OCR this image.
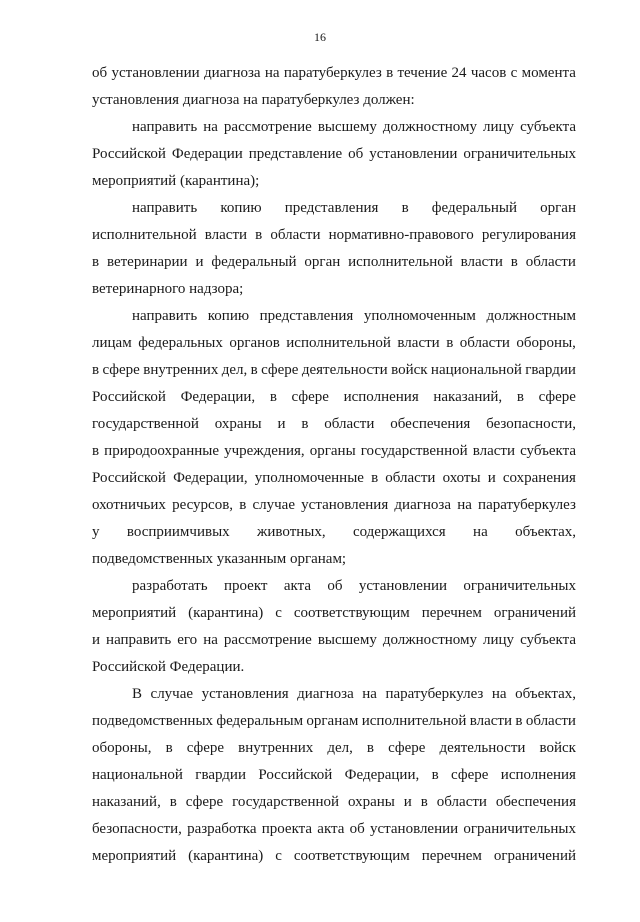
16
об установлении диагноза на паратуберкулез в течение 24 часов с момента
установления диагноза на паратуберкулез должен:
направить на рассмотрение высшему должностному лицу субъекта
Российской Федерации представление об установлении ограничительных
мероприятий (карантина);
направить копию представления в федеральный орган
исполнительной власти в области нормативно-правового регулирования
в ветеринарии и федеральный орган исполнительной власти в области
ветеринарного надзора;
направить копию представления уполномоченным должностным
лицам федеральных органов исполнительной власти в области обороны,
в сфере внутренних дел, в сфере деятельности войск национальной гвардии
Российской Федерации, в сфере исполнения наказаний, в сфере
государственной охраны и в области обеспечения безопасности,
в природоохранные учреждения, органы государственной власти субъекта
Российской Федерации, уполномоченные в области охоты и сохранения
охотничьих ресурсов, в случае установления диагноза на паратуберкулез
у восприимчивых животных, содержащихся на объектах,
подведомственных указанным органам;
разработать проект акта об установлении ограничительных
мероприятий (карантина) с соответствующим перечнем ограничений
и направить его на рассмотрение высшему должностному лицу субъекта
Российской Федерации.
В случае установления диагноза на паратуберкулез на объектах,
подведомственных федеральным органам исполнительной власти в области
обороны, в сфере внутренних дел, в сфере деятельности войск
национальной гвардии Российской Федерации, в сфере исполнения
наказаний, в сфере государственной охраны и в области обеспечения
безопасности, разработка проекта акта об установлении ограничительных
мероприятий (карантина) с соответствующим перечнем ограничений
